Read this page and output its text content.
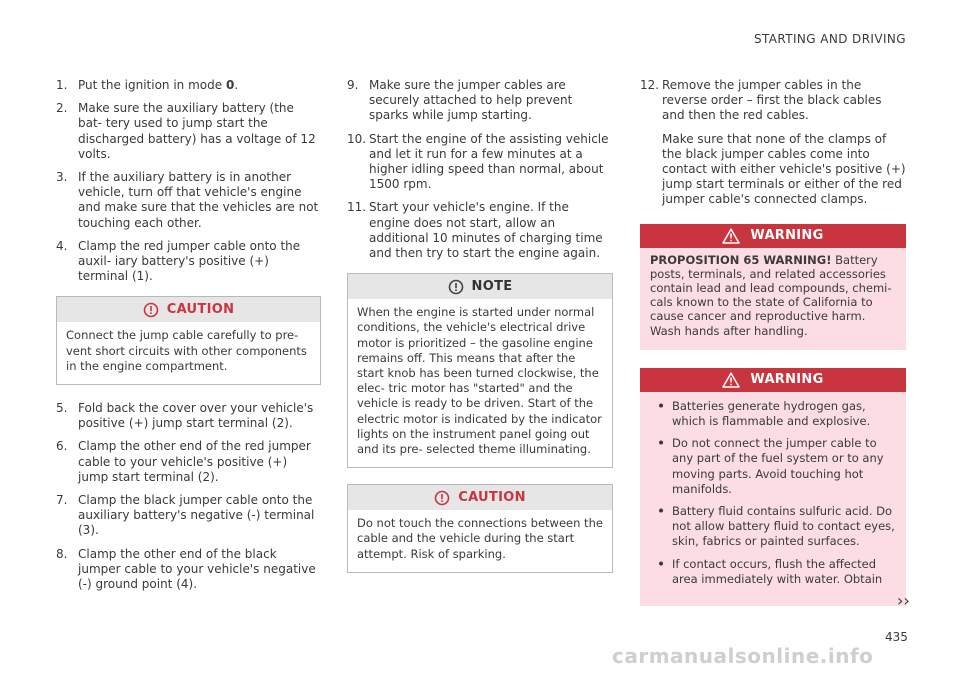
STARTING AND DRIVING
1. Put the ignition in mode 0.
2. Make sure the auxiliary battery (the bat- tery used to jump start the discharged battery) has a voltage of 12 volts.
3. If the auxiliary battery is in another vehicle, turn off that vehicle's engine and make sure that the vehicles are not touching each other.
4. Clamp the red jumper cable onto the auxil- iary battery's positive (+) terminal (1).
CAUTION
Connect the jump cable carefully to pre- vent short circuits with other components in the engine compartment.
5. Fold back the cover over your vehicle's positive (+) jump start terminal (2).
6. Clamp the other end of the red jumper cable to your vehicle's positive (+) jump start terminal (2).
7. Clamp the black jumper cable onto the auxiliary battery's negative (-) terminal (3).
8. Clamp the other end of the black jumper cable to your vehicle's negative (-) ground point (4).
9. Make sure the jumper cables are securely attached to help prevent sparks while jump starting.
10. Start the engine of the assisting vehicle and let it run for a few minutes at a higher idling speed than normal, about 1500 rpm.
11. Start your vehicle's engine. If the engine does not start, allow an additional 10 minutes of charging time and then try to start the engine again.
NOTE
When the engine is started under normal conditions, the vehicle's electrical drive motor is prioritized – the gasoline engine remains off. This means that after the start knob has been turned clockwise, the elec- tric motor has "started" and the vehicle is ready to be driven. Start of the electric motor is indicated by the indicator lights on the instrument panel going out and its pre- selected theme illuminating.
CAUTION
Do not touch the connections between the cable and the vehicle during the start attempt. Risk of sparking.
12. Remove the jumper cables in the reverse order – first the black cables and then the red cables.
Make sure that none of the clamps of the black jumper cables come into contact with either vehicle's positive (+) jump start terminals or either of the red jumper cable's connected clamps.
WARNING
PROPOSITION 65 WARNING! Battery posts, terminals, and related accessories contain lead and lead compounds, chemi- cals known to the state of California to cause cancer and reproductive harm. Wash hands after handling.
WARNING
• Batteries generate hydrogen gas, which is flammable and explosive.
• Do not connect the jumper cable to any part of the fuel system or to any moving parts. Avoid touching hot manifolds.
• Battery fluid contains sulfuric acid. Do not allow battery fluid to contact eyes, skin, fabrics or painted surfaces.
• If contact occurs, flush the affected area immediately with water. Obtain
››
435
carmanualsonline.info
